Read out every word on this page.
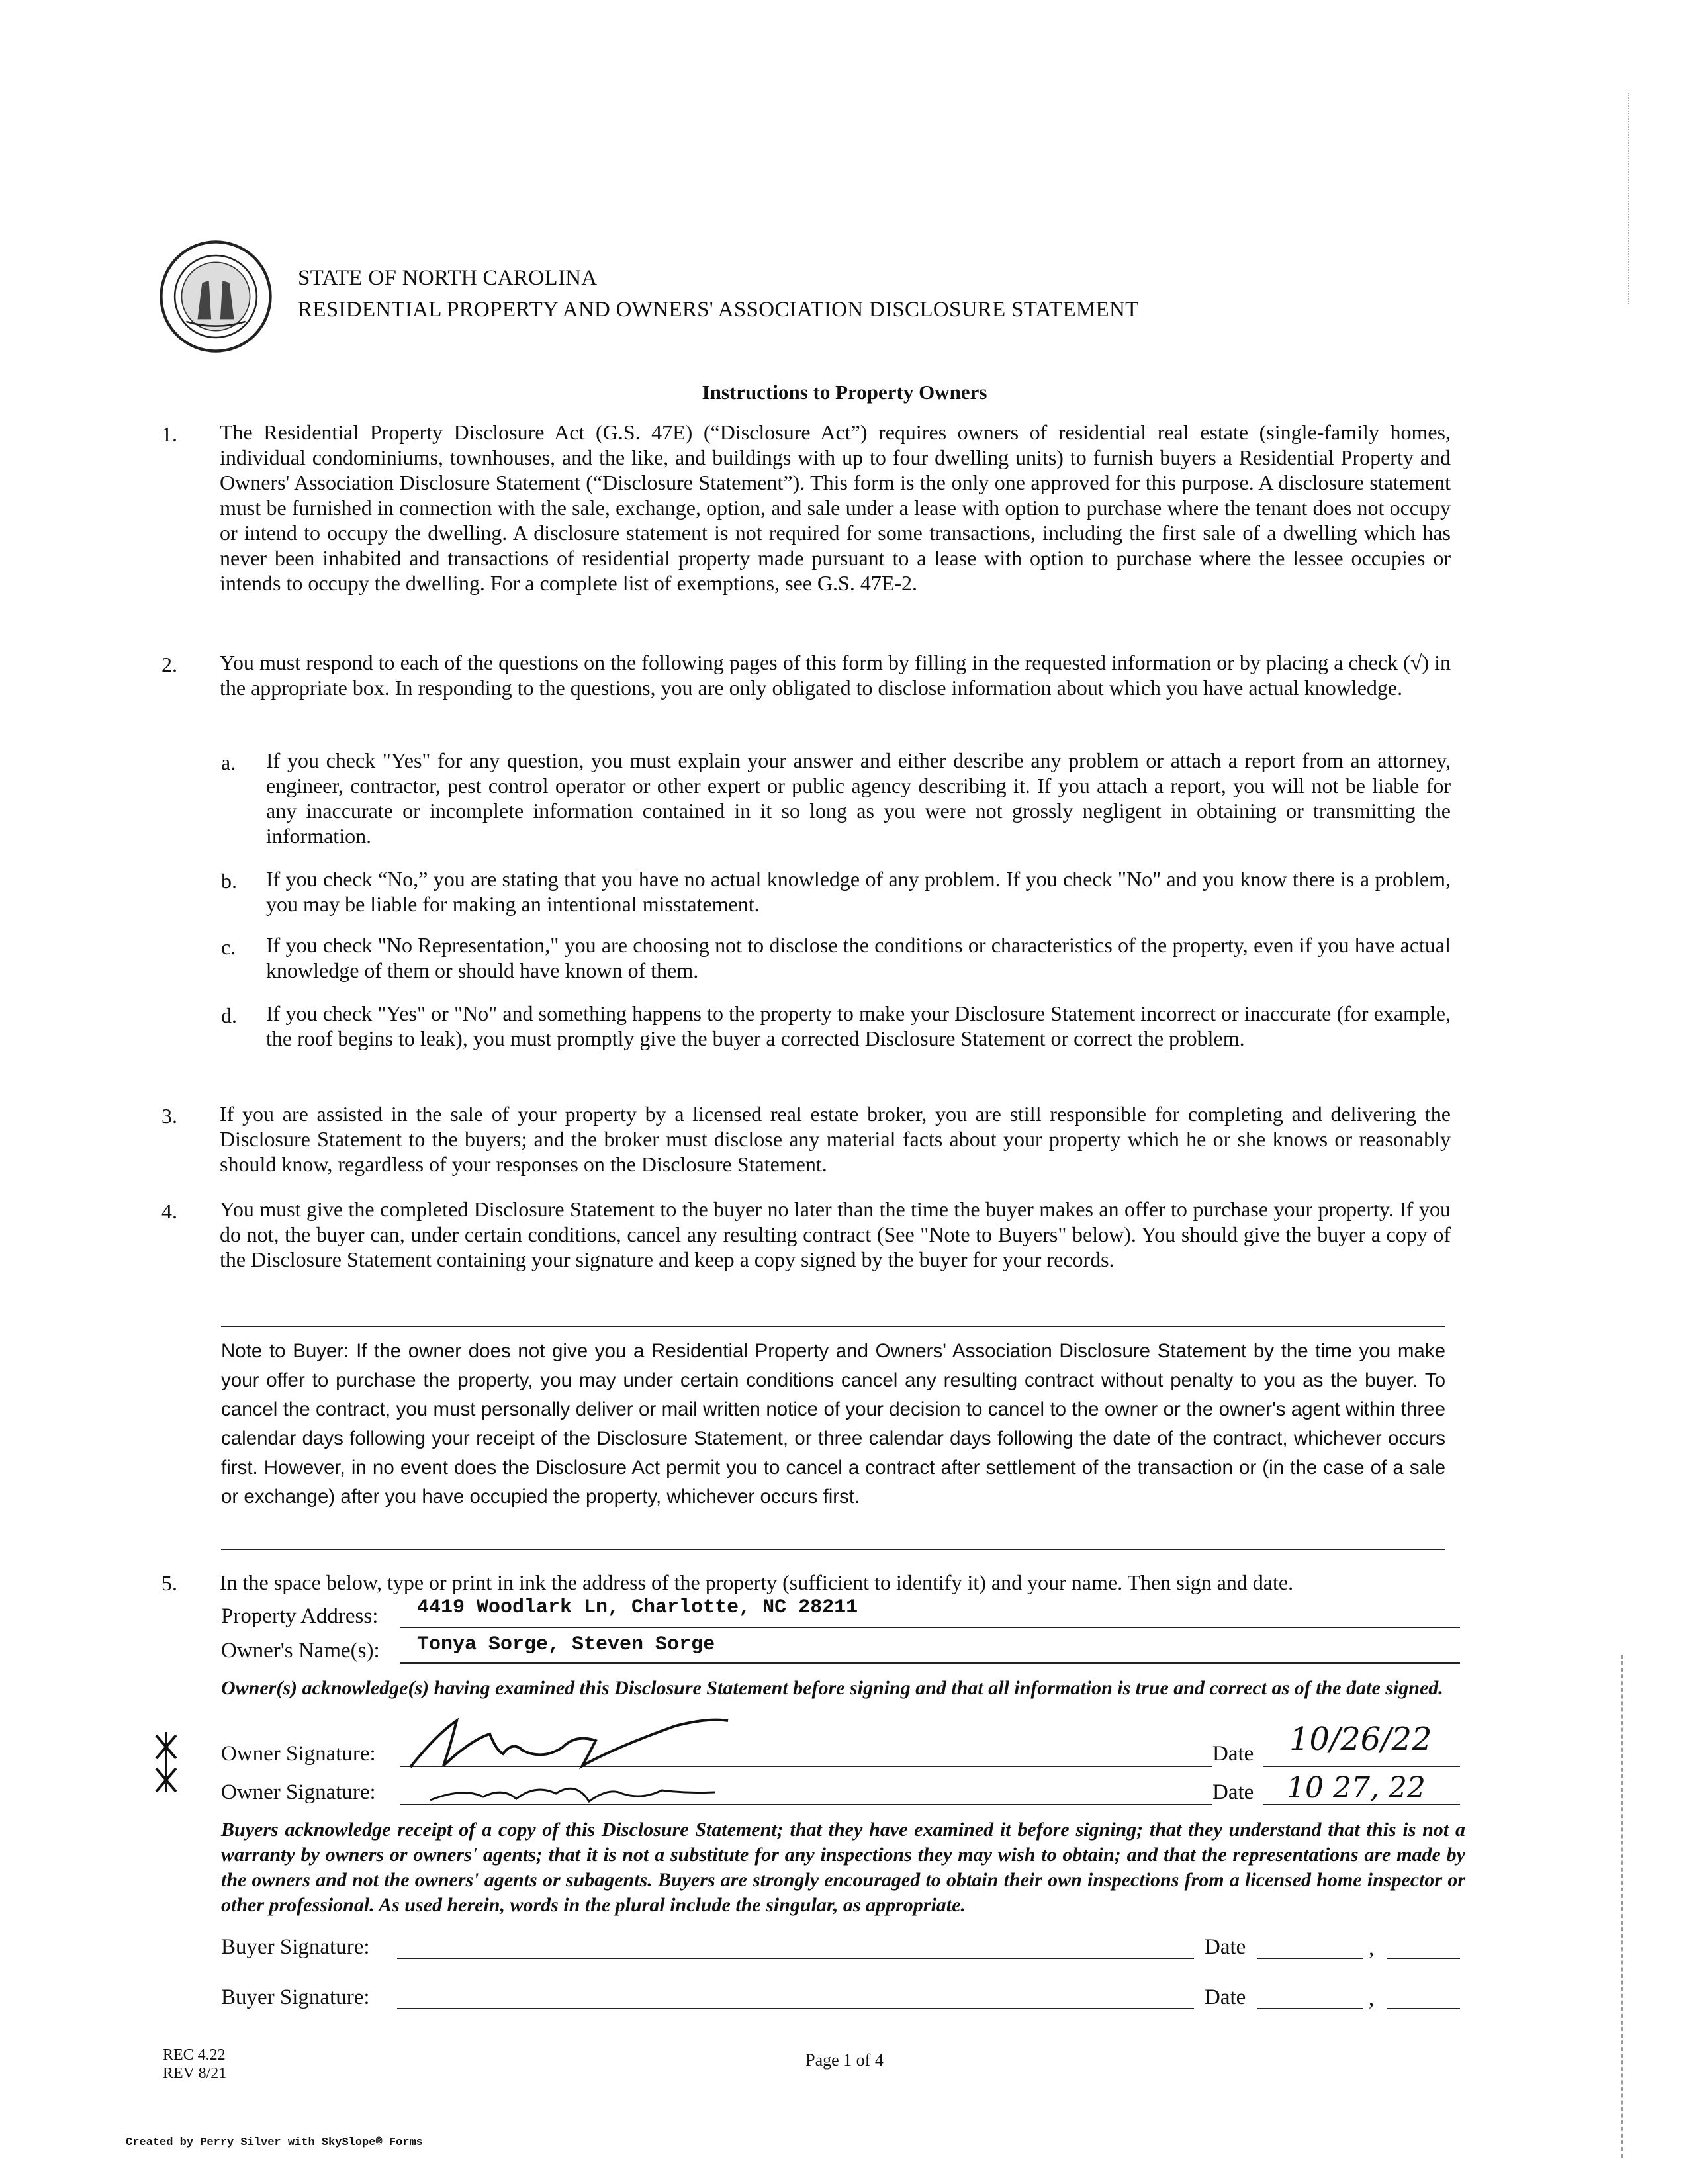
STATE OF NORTH CAROLINA
RESIDENTIAL PROPERTY AND OWNERS' ASSOCIATION DISCLOSURE STATEMENT
Instructions to Property Owners
1. The Residential Property Disclosure Act (G.S. 47E) (“Disclosure Act”) requires owners of residential real estate (single-family homes, individual condominiums, townhouses, and the like, and buildings with up to four dwelling units) to furnish buyers a Residential Property and Owners' Association Disclosure Statement (“Disclosure Statement”). This form is the only one approved for this purpose. A disclosure statement must be furnished in connection with the sale, exchange, option, and sale under a lease with option to purchase where the tenant does not occupy or intend to occupy the dwelling. A disclosure statement is not required for some transactions, including the first sale of a dwelling which has never been inhabited and transactions of residential property made pursuant to a lease with option to purchase where the lessee occupies or intends to occupy the dwelling. For a complete list of exemptions, see G.S. 47E-2.
2. You must respond to each of the questions on the following pages of this form by filling in the requested information or by placing a check (√) in the appropriate box. In responding to the questions, you are only obligated to disclose information about which you have actual knowledge.
a. If you check "Yes" for any question, you must explain your answer and either describe any problem or attach a report from an attorney, engineer, contractor, pest control operator or other expert or public agency describing it. If you attach a report, you will not be liable for any inaccurate or incomplete information contained in it so long as you were not grossly negligent in obtaining or transmitting the information.
b. If you check “No,” you are stating that you have no actual knowledge of any problem. If you check "No" and you know there is a problem, you may be liable for making an intentional misstatement.
c. If you check "No Representation," you are choosing not to disclose the conditions or characteristics of the property, even if you have actual knowledge of them or should have known of them.
d. If you check "Yes" or "No" and something happens to the property to make your Disclosure Statement incorrect or inaccurate (for example, the roof begins to leak), you must promptly give the buyer a corrected Disclosure Statement or correct the problem.
3. If you are assisted in the sale of your property by a licensed real estate broker, you are still responsible for completing and delivering the Disclosure Statement to the buyers; and the broker must disclose any material facts about your property which he or she knows or reasonably should know, regardless of your responses on the Disclosure Statement.
4. You must give the completed Disclosure Statement to the buyer no later than the time the buyer makes an offer to purchase your property. If you do not, the buyer can, under certain conditions, cancel any resulting contract (See "Note to Buyers" below). You should give the buyer a copy of the Disclosure Statement containing your signature and keep a copy signed by the buyer for your records.
Note to Buyer: If the owner does not give you a Residential Property and Owners' Association Disclosure Statement by the time you make your offer to purchase the property, you may under certain conditions cancel any resulting contract without penalty to you as the buyer. To cancel the contract, you must personally deliver or mail written notice of your decision to cancel to the owner or the owner's agent within three calendar days following your receipt of the Disclosure Statement, or three calendar days following the date of the contract, whichever occurs first. However, in no event does the Disclosure Act permit you to cancel a contract after settlement of the transaction or (in the case of a sale or exchange) after you have occupied the property, whichever occurs first.
5. In the space below, type or print in ink the address of the property (sufficient to identify it) and your name. Then sign and date.
Property Address: 4419 Woodlark Ln, Charlotte, NC 28211
Owner's Name(s): Tonya Sorge, Steven Sorge
Owner(s) acknowledge(s) having examined this Disclosure Statement before signing and that all information is true and correct as of the date signed.
Owner Signature:	Date 10/26/22
Owner Signature:	Date 10 27, 22
Buyers acknowledge receipt of a copy of this Disclosure Statement; that they have examined it before signing; that they understand that this is not a warranty by owners or owners' agents; that it is not a substitute for any inspections they may wish to obtain; and that the representations are made by the owners and not the owners' agents or subagents. Buyers are strongly encouraged to obtain their own inspections from a licensed home inspector or other professional. As used herein, words in the plural include the singular, as appropriate.
Buyer Signature:	Date	,
Buyer Signature:	Date	,
REC 4.22
REV 8/21
Page 1 of 4
Created by Perry Silver with SkySlope® Forms
